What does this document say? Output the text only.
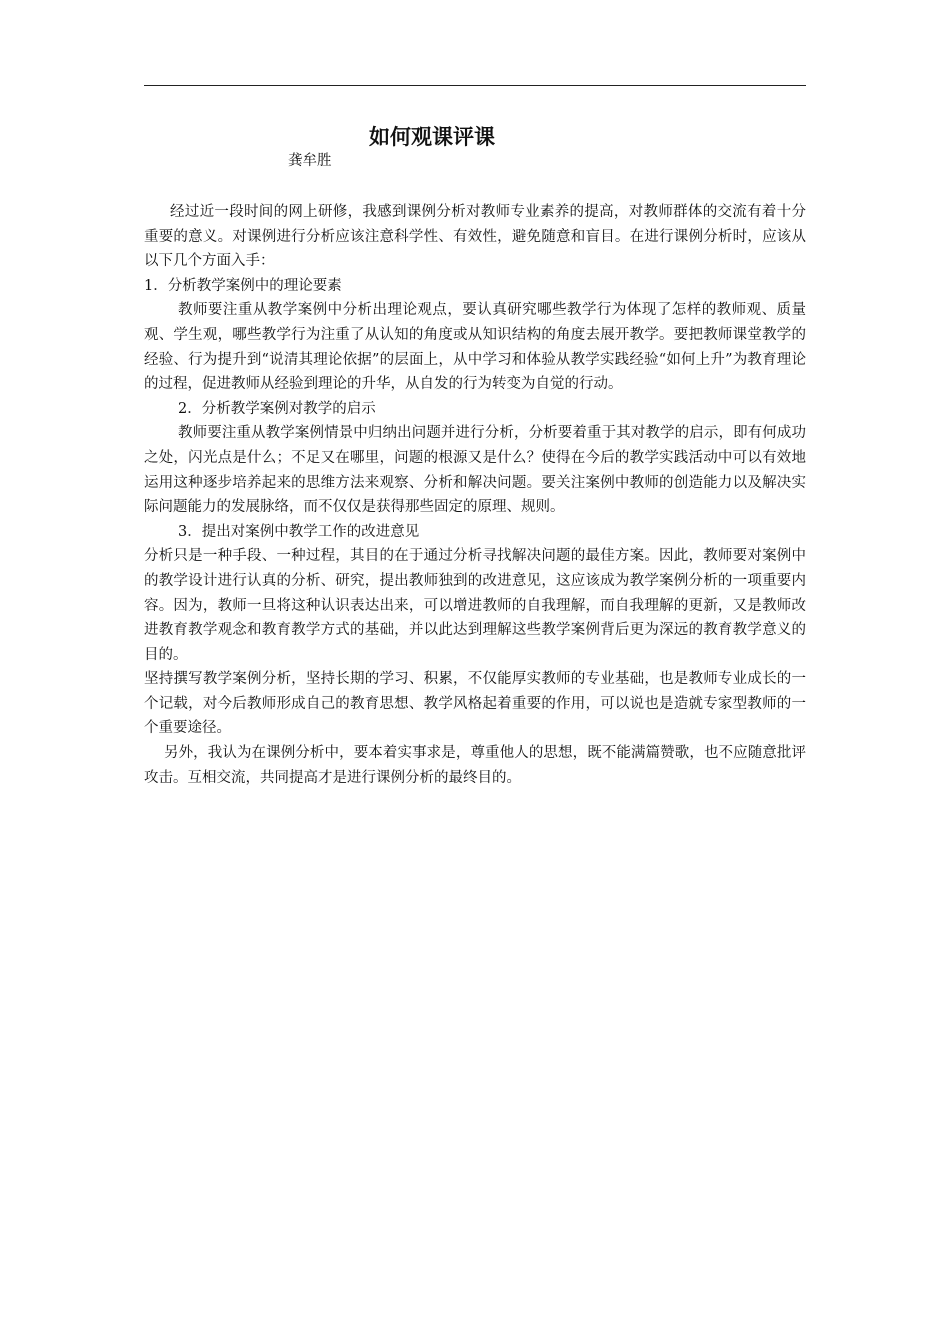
如何观课评课
龚牟胜

经过近一段时间的网上研修，我感到课例分析对教师专业素养的提高，对教师群体的交流有着十分重要的意义。对课例进行分析应该注意科学性、有效性，避免随意和盲目。在进行课例分析时，应该从以下几个方面入手：

1．分析教学案例中的理论要素

教师要注重从教学案例中分析出理论观点，要认真研究哪些教学行为体现了怎样的教师观、质量观、学生观，哪些教学行为注重了从认知的角度或从知识结构的角度去展开教学。要把教师课堂教学的经验、行为提升到“说清其理论依据”的层面上，从中学习和体验从教学实践经验“如何上升”为教育理论的过程，促进教师从经验到理论的升华，从自发的行为转变为自觉的行动。

2．分析教学案例对教学的启示

教师要注重从教学案例情景中归纳出问题并进行分析，分析要着重于其对教学的启示，即有何成功之处，闪光点是什么；不足又在哪里，问题的根源又是什么？使得在今后的教学实践活动中可以有效地运用这种逐步培养起来的思维方法来观察、分析和解决问题。要关注案例中教师的创造能力以及解决实际问题能力的发展脉络，而不仅仅是获得那些固定的原理、规则。

3．提出对案例中教学工作的改进意见

分析只是一种手段、一种过程，其目的在于通过分析寻找解决问题的最佳方案。因此，教师要对案例中的教学设计进行认真的分析、研究，提出教师独到的改进意见，这应该成为教学案例分析的一项重要内容。因为，教师一旦将这种认识表达出来，可以增进教师的自我理解，而自我理解的更新，又是教师改进教育教学观念和教育教学方式的基础，并以此达到理解这些教学案例背后更为深远的教育教学意义的目的。

坚持撰写教学案例分析，坚持长期的学习、积累，不仅能厚实教师的专业基础，也是教师专业成长的一个记载，对今后教师形成自己的教育思想、教学风格起着重要的作用，可以说也是造就专家型教师的一个重要途径。

另外，我认为在课例分析中，要本着实事求是，尊重他人的思想，既不能满篇赞歌，也不应随意批评攻击。互相交流，共同提高才是进行课例分析的最终目的。
